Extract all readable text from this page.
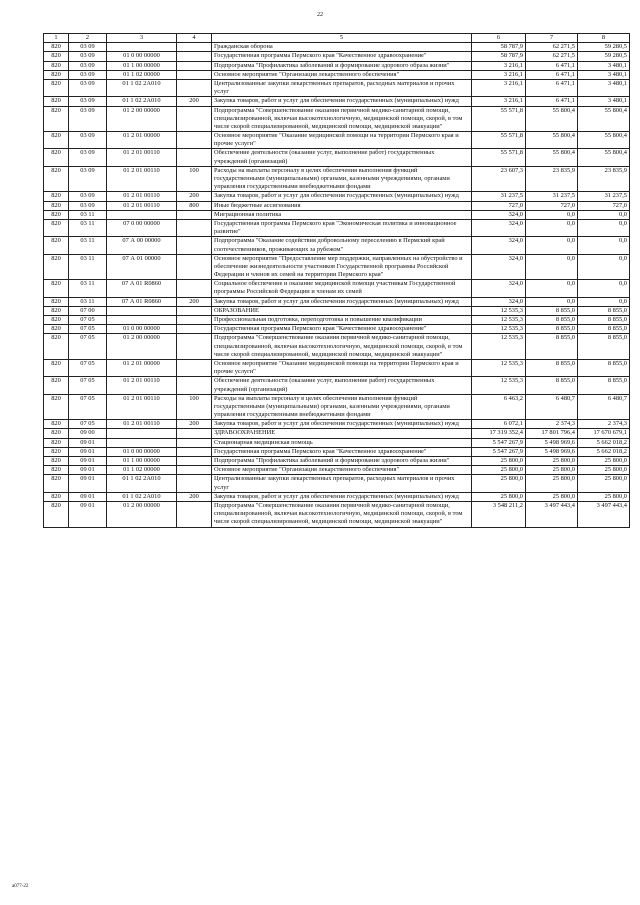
22
1	2	3	4	5	6	7	8
820	03 09			Гражданская оборона	58 787,9	62 271,5	59 280,5
820	03 09	01 0 00 00000		Государственная программа Пермского края "Качественное здравоохранение"	58 787,9	62 271,5	59 280,5
820	03 09	01 1 00 00000		Подпрограмма "Профилактика заболеваний и формирование здорового образа жизни"	3 216,1	6 471,1	3 480,1
820	03 09	01 1 02 00000		Основное мероприятие "Организация лекарственного обеспечения"	3 216,1	6 471,1	3 480,1
820	03 09	01 1 02 2А010		Централизованные закупки лекарственных препаратов, расходных материалов и прочих услуг	3 216,1	6 471,1	3 480,1
820	03 09	01 1 02 2А010	200	Закупка товаров, работ и услуг для обеспечения государственных (муниципальных) нужд	3 216,1	6 471,1	3 480,1
820	03 09	01 2 00 00000		Подпрограмма "Совершенствование оказания первичной медико-санитарной помощи, специализированной, включая высокотехнологичную, медицинской помощи, скорой, в том числе скорой специализированной, медицинской помощи, медицинской эвакуации"	55 571,8	55 800,4	55 800,4
820	03 09	01 2 01 00000		Основное мероприятие "Оказание медицинской помощи на территории Пермского края и прочие услуги"	55 571,8	55 800,4	55 800,4
820	03 09	01 2 01 00110		Обеспечение деятельности (оказание услуг, выполнение работ) государственных учреждений (организаций)	55 571,8	55 800,4	55 800,4
820	03 09	01 2 01 00110	100	Расходы на выплаты персоналу в целях обеспечения выполнения функций государственными (муниципальными) органами, казенными учреждениями, органами управления государственными внебюджетными фондами	23 607,3	23 835,9	23 835,9
820	03 09	01 2 01 00110	200	Закупка товаров, работ и услуг для обеспечения государственных (муниципальных) нужд	31 237,5	31 237,5	31 237,5
820	03 09	01 2 01 00110	800	Иные бюджетные ассигнования	727,0	727,0	727,0
820	03 11			Миграционная политика	324,0	0,0	0,0
820	03 11	07 0 00 00000		Государственная программа Пермского края "Экономическая политика и инновационное развитие"	324,0	0,0	0,0
820	03 11	07 А 00 00000		Подпрограмма "Оказание содействия добровольному переселению в Пермский край соотечественников, проживающих за рубежом"	324,0	0,0	0,0
820	03 11	07 А 01 00000		Основное мероприятие "Предоставление мер поддержки, направленных на обустройство и обеспечение жизнедеятельности участников Государственной программы Российской Федерации и членов их семей на территории Пермского края"	324,0	0,0	0,0
820	03 11	07 А 01 R0860		Социальное обеспечение и оказание медицинской помощи участникам Государственной программы Российской Федерации и членам их семей	324,0	0,0	0,0
820	03 11	07 А 01 R0860	200	Закупка товаров, работ и услуг для обеспечения государственных (муниципальных) нужд	324,0	0,0	0,0
820	07 00			ОБРАЗОВАНИЕ	12 535,3	8 855,0	8 855,0
820	07 05			Профессиональная подготовка, переподготовка и повышение квалификации	12 535,3	8 855,0	8 855,0
820	07 05	01 0 00 00000		Государственная программа Пермского края "Качественное здравоохранение"	12 535,3	8 855,0	8 855,0
820	07 05	01 2 00 00000		Подпрограмма "Совершенствование оказания первичной медико-санитарной помощи, специализированной, включая высокотехнологичную, медицинской помощи, скорой, в том числе скорой специализированной, медицинской помощи, медицинской эвакуации"	12 535,3	8 855,0	8 855,0
820	07 05	01 2 01 00000		Основное мероприятие "Оказание медицинской помощи на территории Пермского края и прочие услуги"	12 535,3	8 855,0	8 855,0
820	07 05	01 2 01 00110		Обеспечение деятельности (оказание услуг, выполнение работ) государственных учреждений (организаций)	12 535,3	8 855,0	8 855,0
820	07 05	01 2 01 00110	100	Расходы на выплаты персоналу в целях обеспечения выполнения функций государственными (муниципальными) органами, казенными учреждениями, органами управления государственными внебюджетными фондами	6 463,2	6 480,7	6 480,7
820	07 05	01 2 01 00110	200	Закупка товаров, работ и услуг для обеспечения государственных (муниципальных) нужд	6 072,1	2 374,3	2 374,3
820	09 00			ЗДРАВООХРАНЕНИЕ	17 319 352,4	17 801 796,4	17 670 679,1
820	09 01			Стационарная медицинская помощь	5 547 267,9	5 498 969,6	5 662 018,2
820	09 01	01 0 00 00000		Государственная программа Пермского края "Качественное здравоохранение"	5 547 267,9	5 498 969,6	5 662 018,2
820	09 01	01 1 00 00000		Подпрограмма "Профилактика заболеваний и формирование здорового образа жизни"	25 800,0	25 800,0	25 800,0
820	09 01	01 1 02 00000		Основное мероприятие "Организация лекарственного обеспечения"	25 800,0	25 800,0	25 800,0
820	09 01	01 1 02 2А010		Централизованные закупки лекарственных препаратов, расходных материалов и прочих услуг	25 800,0	25 800,0	25 800,0
820	09 01	01 1 02 2А010	200	Закупка товаров, работ и услуг для обеспечения государственных (муниципальных) нужд	25 800,0	25 800,0	25 800,0
820	09 01	01 2 00 00000		Подпрограмма "Совершенствование оказания первичной медико-санитарной помощи, специализированной, включая высокотехнологичную, медицинской помощи, скорой, в том числе скорой специализированной, медицинской помощи, медицинской эвакуации"	3 548 211,2	3 497 443,4	3 497 443,4
a077-22
